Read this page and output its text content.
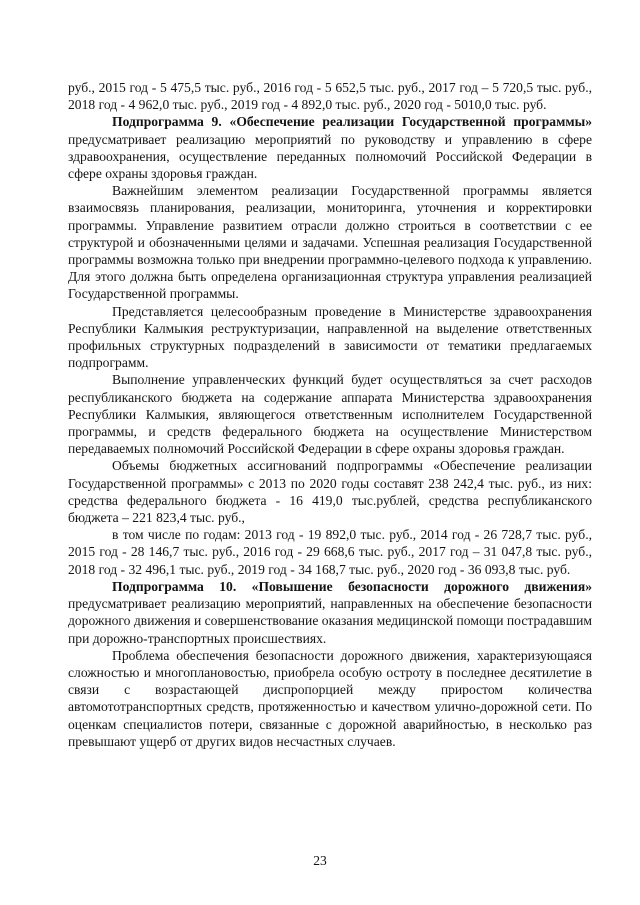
руб., 2015 год - 5 475,5 тыс. руб., 2016 год - 5 652,5 тыс. руб., 2017 год – 5 720,5 тыс. руб., 2018 год - 4 962,0 тыс. руб., 2019 год - 4 892,0 тыс. руб., 2020 год - 5010,0 тыс. руб.

Подпрограмма 9. «Обеспечение реализации Государственной программы» предусматривает реализацию мероприятий по руководству и управлению в сфере здравоохранения, осуществление переданных полномочий Российской Федерации в сфере охраны здоровья граждан.

Важнейшим элементом реализации Государственной программы является взаимосвязь планирования, реализации, мониторинга, уточнения и корректировки программы. Управление развитием отрасли должно строиться в соответствии с ее структурой и обозначенными целями и задачами. Успешная реализация Государственной программы возможна только при внедрении программно-целевого подхода к управлению. Для этого должна быть определена организационная структура управления реализацией Государственной программы.

Представляется целесообразным проведение в Министерстве здравоохранения Республики Калмыкия реструктуризации, направленной на выделение ответственных профильных структурных подразделений в зависимости от тематики предлагаемых подпрограмм.

Выполнение управленческих функций будет осуществляться за счет расходов республиканского бюджета на содержание аппарата Министерства здравоохранения Республики Калмыкия, являющегося ответственным исполнителем Государственной программы, и средств федерального бюджета на осуществление Министерством передаваемых полномочий Российской Федерации в сфере охраны здоровья граждан.

Объемы бюджетных ассигнований подпрограммы «Обеспечение реализации Государственной программы» с 2013 по 2020 годы составят 238 242,4 тыс. руб., из них: средства федерального бюджета - 16 419,0 тыс.рублей, средства республиканского бюджета – 221 823,4 тыс. руб.,

в том числе по годам: 2013 год - 19 892,0 тыс. руб., 2014 год - 26 728,7 тыс. руб., 2015 год - 28 146,7 тыс. руб., 2016 год - 29 668,6 тыс. руб., 2017 год – 31 047,8 тыс. руб., 2018 год - 32 496,1 тыс. руб., 2019 год - 34 168,7 тыс. руб., 2020 год - 36 093,8 тыс. руб.

Подпрограмма 10. «Повышение безопасности дорожного движения» предусматривает реализацию мероприятий, направленных на обеспечение безопасности дорожного движения и совершенствование оказания медицинской помощи пострадавшим при дорожно-транспортных происшествиях.

Проблема обеспечения безопасности дорожного движения, характеризующаяся сложностью и многоплановостью, приобрела особую остроту в последнее десятилетие в связи с возрастающей диспропорцией между приростом количества автомототранспортных средств, протяженностью и качеством улично-дорожной сети. По оценкам специалистов потери, связанные с дорожной аварийностью, в несколько раз превышают ущерб от других видов несчастных случаев.

23
